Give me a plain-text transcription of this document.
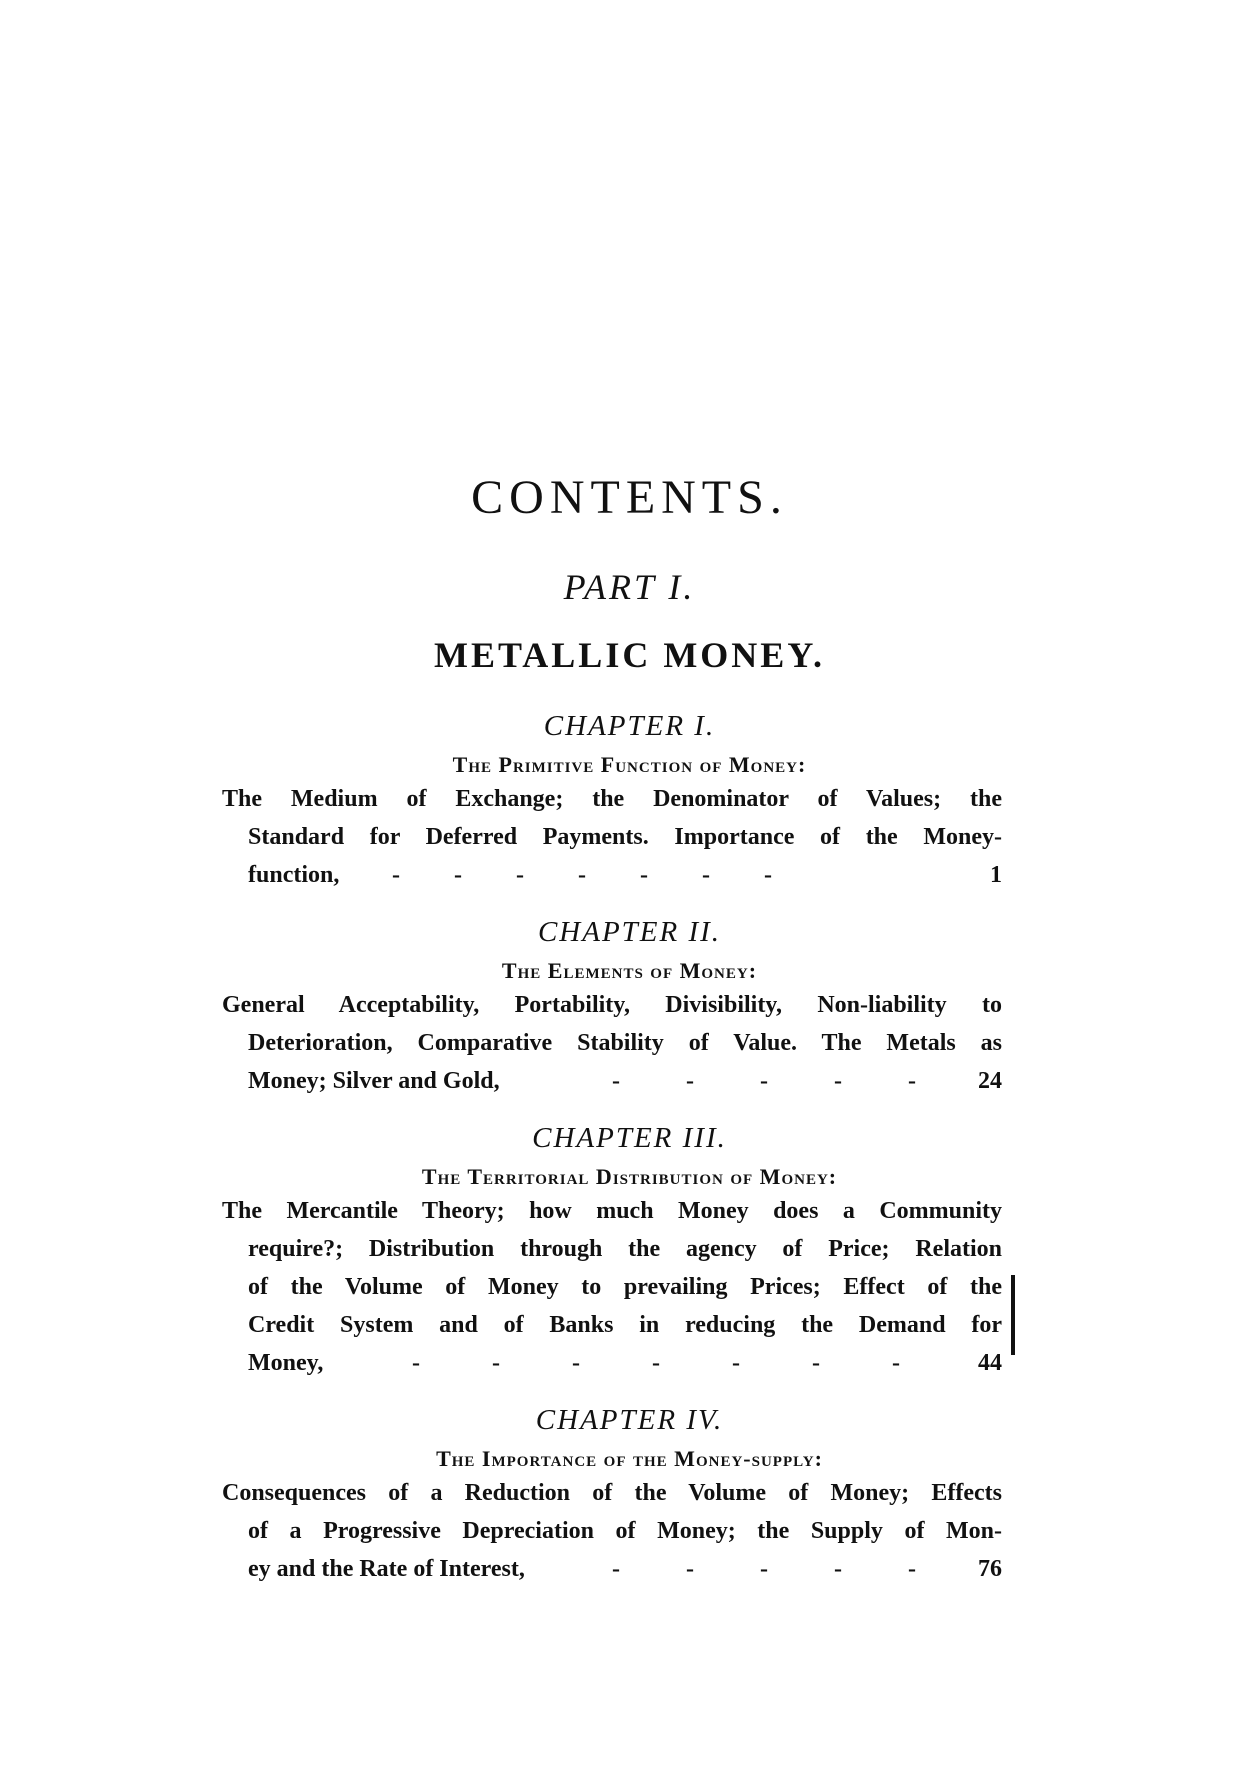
CONTENTS.
PART I.
METALLIC MONEY.
CHAPTER I.
The Primitive Function of Money:
The Medium of Exchange; the Denominator of Values; the
Standard for Deferred Payments. Importance of the Money-
function, - - - - - - -	1
CHAPTER II.
The Elements of Money:
General Acceptability, Portability, Divisibility, Non-liability to
Deterioration, Comparative Stability of Value. The Metals as
Money; Silver and Gold,	- - - - -	24
CHAPTER III.
The Territorial Distribution of Money:
The Mercantile Theory; how much Money does a Community
require?; Distribution through the agency of Price; Relation
of the Volume of Money to prevailing Prices; Effect of the
Credit System and of Banks in reducing the Demand for
Money,	- - - - - - -	44
CHAPTER IV.
The Importance of the Money-supply:
Consequences of a Reduction of the Volume of Money; Effects
of a Progressive Depreciation of Money; the Supply of Mon-
ey and the Rate of Interest,	- - - - -	76
